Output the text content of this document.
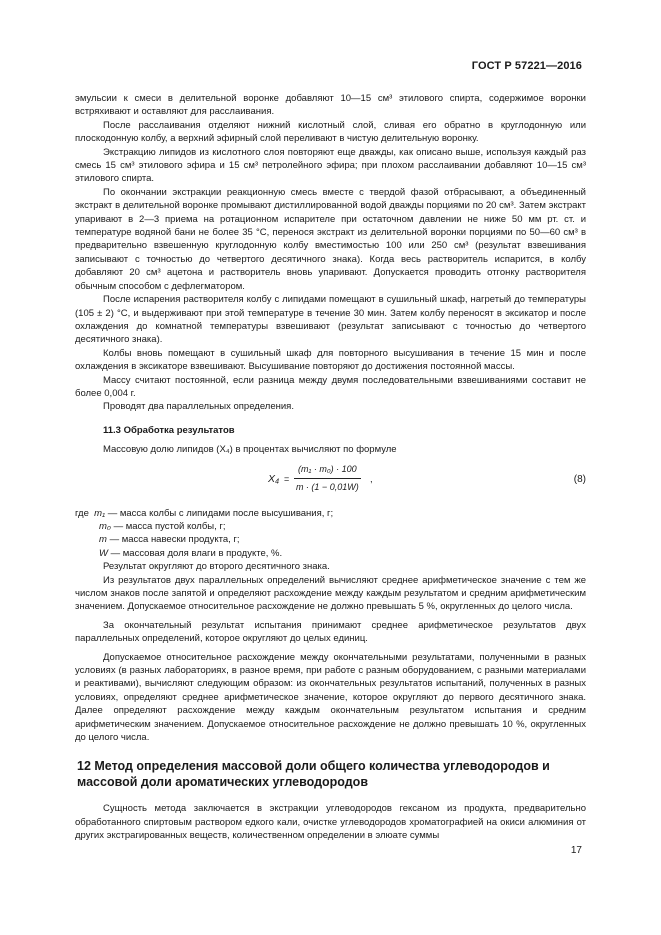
ГОСТ Р 57221—2016

эмульсии к смеси в делительной воронке добавляют 10—15 см³ этилового спирта, содержимое воронки встряхивают и оставляют для расслаивания.

После расслаивания отделяют нижний кислотный слой, сливая его обратно в круглодонную или плоскодонную колбу, а верхний эфирный слой переливают в чистую делительную воронку.

Экстракцию липидов из кислотного слоя повторяют еще дважды, как описано выше, используя каждый раз смесь 15 см³ этилового эфира и 15 см³ петролейного эфира; при плохом расслаивании добавляют 10—15 см³ этилового спирта.

По окончании экстракции реакционную смесь вместе с твердой фазой отбрасывают, а объединенный экстракт в делительной воронке промывают дистиллированной водой дважды порциями по 20 см³. Затем экстракт упаривают в 2—3 приема на ротационном испарителе при остаточном давлении не ниже 50 мм рт. ст. и температуре водяной бани не более 35 °С, перенося экстракт из делительной воронки порциями по 50—60 см³ в предварительно взвешенную круглодонную колбу вместимостью 100 или 250 см³ (результат взвешивания записывают с точностью до четвертого десятичного знака). Когда весь растворитель испарится, в колбу добавляют 20 см³ ацетона и растворитель вновь упаривают. Допускается проводить отгонку растворителя обычным способом с дефлегматором.

После испарения растворителя колбу с липидами помещают в сушильный шкаф, нагретый до температуры (105 ± 2) °С, и выдерживают при этой температуре в течение 30 мин. Затем колбу переносят в эксикатор и после охлаждения до комнатной температуры взвешивают (результат записывают с точностью до четвертого десятичного знака).

Колбы вновь помещают в сушильный шкаф для повторного высушивания в течение 15 мин и после охлаждения в эксикаторе взвешивают. Высушивание повторяют до достижения постоянной массы.

Массу считают постоянной, если разница между двумя последовательными взвешиваниями составит не более 0,004 г.

Проводят два параллельных определения.

11.3 Обработка результатов

Массовую долю липидов (X₄) в процентах вычисляют по формуле

$X_4 = \frac{\text{(m₁ · m₀) · 100}}{m \cdot (1 - 0,01W)}$ ,	(8)

где m₁ — масса колбы с липидами после высушивания, г;

m₀ — масса пустой колбы, г;

m — масса навески продукта, г;

W — массовая доля влаги в продукте, %.

Результат округляют до второго десятичного знака.

Из результатов двух параллельных определений вычисляют среднее арифметическое значение с тем же числом знаков после запятой и определяют расхождение между каждым результатом и средним арифметическим значением. Допускаемое относительное расхождение не должно превышать 5 %, округленных до целого числа.

За окончательный результат испытания принимают среднее арифметическое результатов двух параллельных определений, которое округляют до целых единиц.

Допускаемое относительное расхождение между окончательными результатами, полученными в разных условиях (в разных лабораториях, в разное время, при работе с разным оборудованием, с разными материалами и реактивами), вычисляют следующим образом: из окончательных результатов испытаний, полученных в разных условиях, определяют среднее арифметическое значение, которое округляют до первого десятичного знака. Далее определяют расхождение между каждым окончательным результатом испытания и средним арифметическим значением. Допускаемое относительное расхождение не должно превышать 10 %, округленных до целого числа.

12 Метод определения массовой доли общего количества углеводородов и массовой доли ароматических углеводородов

Сущность метода заключается в экстракции углеводородов гексаном из продукта, предварительно обработанного спиртовым раствором едкого кали, очистке углеводородов хроматографией на окиси алюминия от других экстрагированных веществ, количественном определении в элюате суммы

17
